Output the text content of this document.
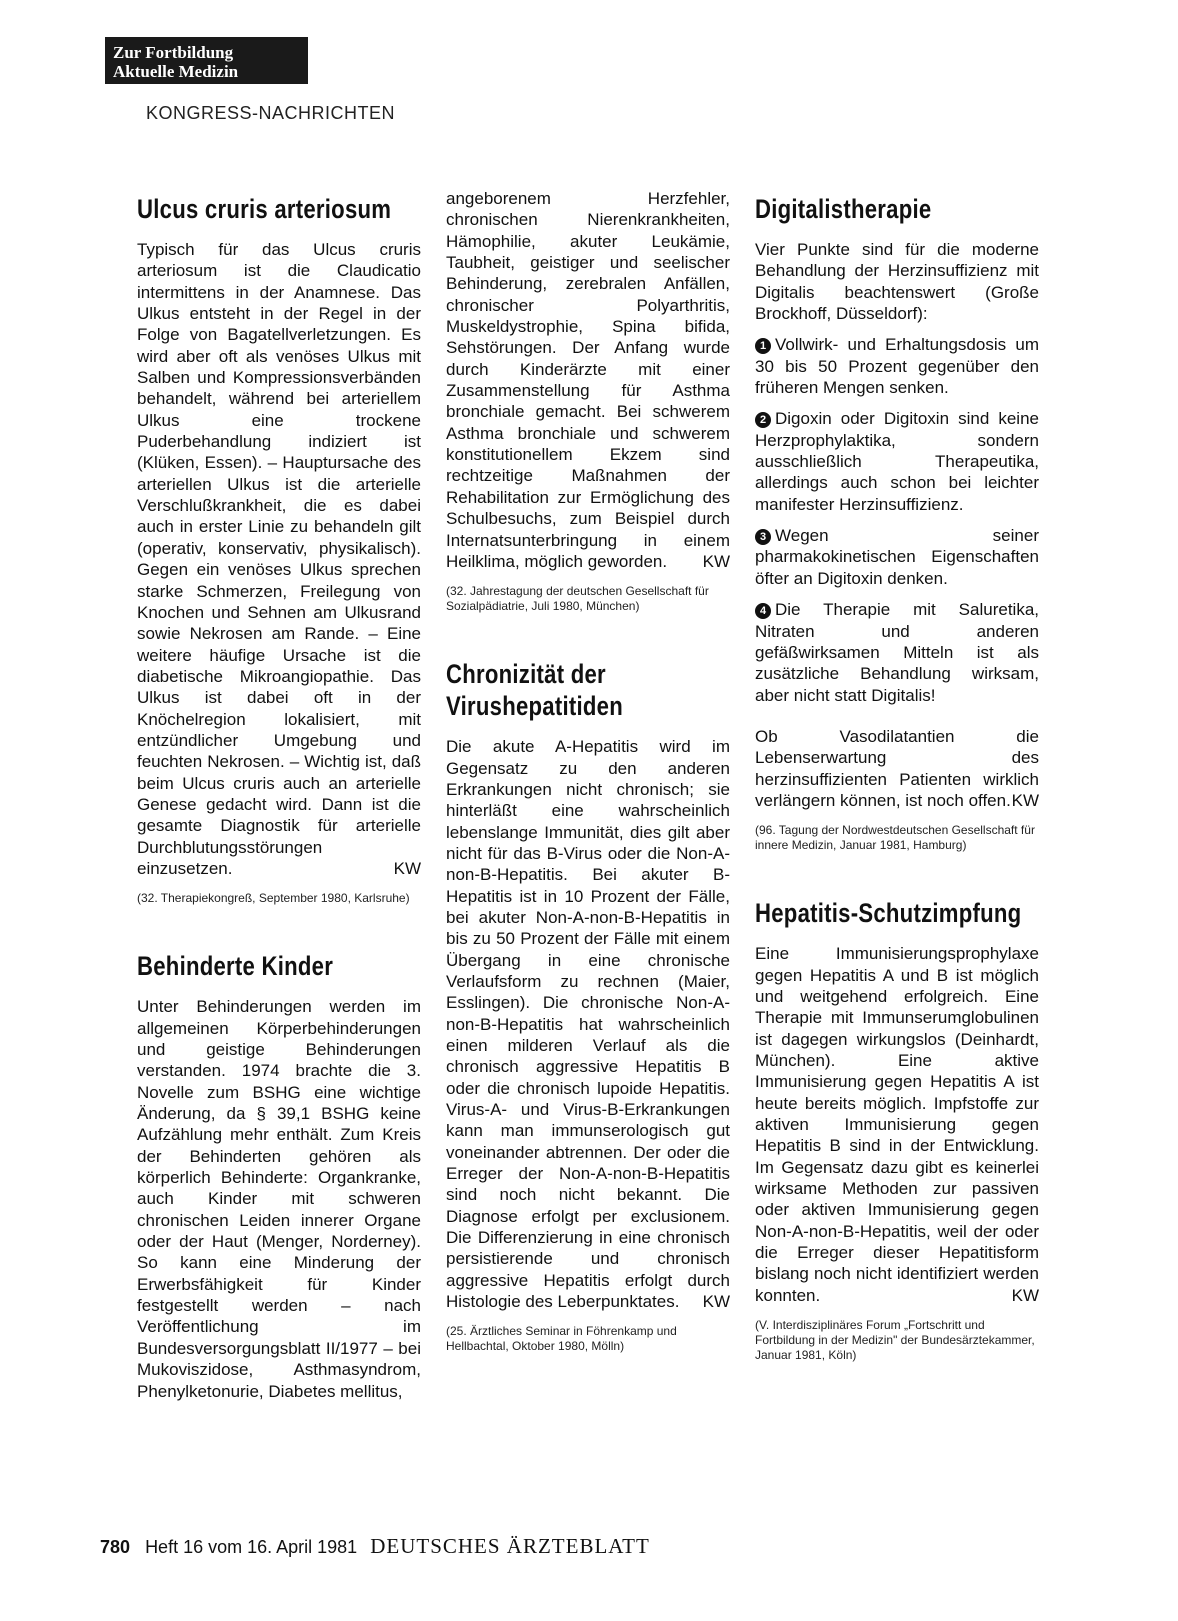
Zur Fortbildung
Aktuelle Medizin
KONGRESS-NACHRICHTEN
Ulcus cruris arteriosum

Typisch für das Ulcus cruris arteriosum ist die Claudicatio intermittens in der Anamnese. Das Ulkus entsteht in der Regel in der Folge von Bagatellverletzungen. Es wird aber oft als venöses Ulkus mit Salben und Kompressionsverbänden behandelt, während bei arteriellem Ulkus eine trockene Puderbehandlung indiziert ist (Klüken, Essen). – Hauptursache des arteriellen Ulkus ist die arterielle Verschlußkrankheit, die es dabei auch in erster Linie zu behandeln gilt (operativ, konservativ, physikalisch). Gegen ein venöses Ulkus sprechen starke Schmerzen, Freilegung von Knochen und Sehnen am Ulkusrand sowie Nekrosen am Rande. – Eine weitere häufige Ursache ist die diabetische Mikroangiopathie. Das Ulkus ist dabei oft in der Knöchelregion lokalisiert, mit entzündlicher Umgebung und feuchten Nekrosen. – Wichtig ist, daß beim Ulcus cruris auch an arterielle Genese gedacht wird. Dann ist die gesamte Diagnostik für arterielle Durchblutungsstörungen einzusetzen.	KW

(32. Therapiekongreß, September 1980, Karlsruhe)
Behinderte Kinder

Unter Behinderungen werden im allgemeinen Körperbehinderungen und geistige Behinderungen verstanden. 1974 brachte die 3. Novelle zum BSHG eine wichtige Änderung, da § 39,1 BSHG keine Aufzählung mehr enthält. Zum Kreis der Behinderten gehören als körperlich Behinderte: Organkranke, auch Kinder mit schweren chronischen Leiden innerer Organe oder der Haut (Menger, Norderney). So kann eine Minderung der Erwerbsfähigkeit für Kinder festgestellt werden – nach Veröffentlichung im Bundesversorgungsblatt II/1977 – bei Mukoviszidose, Asthmasyndrom, Phenylketonurie, Diabetes mellitus,

angeborenem Herzfehler, chronischen Nierenkrankheiten, Hämophilie, akuter Leukämie, Taubheit, geistiger und seelischer Behinderung, zerebralen Anfällen, chronischer Polyarthritis, Muskeldystrophie, Spina bifida, Sehstörungen. Der Anfang wurde durch Kinderärzte mit einer Zusammenstellung für Asthma bronchiale gemacht. Bei schwerem Asthma bronchiale und schwerem konstitutionellem Ekzem sind rechtzeitige Maßnahmen der Rehabilitation zur Ermöglichung des Schulbesuchs, zum Beispiel durch Internatsunterbringung in einem Heilklima, möglich geworden. KW

(32. Jahrestagung der deutschen Gesellschaft für Sozialpädiatrie, Juli 1980, München)
Chronizität der
Virushepatitiden

Die akute A-Hepatitis wird im Gegensatz zu den anderen Erkrankungen nicht chronisch; sie hinterläßt eine wahrscheinlich lebenslange Immunität, dies gilt aber nicht für das B-Virus oder die Non-A-non-B-Hepatitis. Bei akuter B-Hepatitis ist in 10 Prozent der Fälle, bei akuter Non-A-non-B-Hepatitis in bis zu 50 Prozent der Fälle mit einem Übergang in eine chronische Verlaufsform zu rechnen (Maier, Esslingen). Die chronische Non-A-non-B-Hepatitis hat wahrscheinlich einen milderen Verlauf als die chronisch aggressive Hepatitis B oder die chronisch lupoide Hepatitis. Virus-A- und Virus-B-Erkrankungen kann man immunserologisch gut voneinander abtrennen. Der oder die Erreger der Non-A-non-B-Hepatitis sind noch nicht bekannt. Die Diagnose erfolgt per exclusionem. Die Differenzierung in eine chronisch persistierende und chronisch aggressive Hepatitis erfolgt durch Histologie des Leberpunktates. KW

(25. Ärztliches Seminar in Föhrenkamp und Hellbachtal, Oktober 1980, Mölln)
Digitalistherapie

Vier Punkte sind für die moderne Behandlung der Herzinsuffizienz mit Digitalis beachtenswert (Große Brockhoff, Düsseldorf):

1 Vollwirk- und Erhaltungsdosis um 30 bis 50 Prozent gegenüber den früheren Mengen senken.

2 Digoxin oder Digitoxin sind keine Herzprophylaktika, sondern ausschließlich Therapeutika, allerdings auch schon bei leichter manifester Herzinsuffizienz.

3 Wegen seiner pharmakokinetischen Eigenschaften öfter an Digitoxin denken.

4 Die Therapie mit Saluretika, Nitraten und anderen gefäßwirksamen Mitteln ist als zusätzliche Behandlung wirksam, aber nicht statt Digitalis!

Ob Vasodilatantien die Lebenserwartung des herzinsuffizienten Patienten wirklich verlängern können, ist noch offen. KW

(96. Tagung der Nordwestdeutschen Gesellschaft für innere Medizin, Januar 1981, Hamburg)
Hepatitis-Schutzimpfung

Eine Immunisierungsprophylaxe gegen Hepatitis A und B ist möglich und weitgehend erfolgreich. Eine Therapie mit Immunserumglobulinen ist dagegen wirkungslos (Deinhardt, München). Eine aktive Immunisierung gegen Hepatitis A ist heute bereits möglich. Impfstoffe zur aktiven Immunisierung gegen Hepatitis B sind in der Entwicklung. Im Gegensatz dazu gibt es keinerlei wirksame Methoden zur passiven oder aktiven Immunisierung gegen Non-A-non-B-Hepatitis, weil der oder die Erreger dieser Hepatitisform bislang noch nicht identifiziert werden konnten.	KW

(V. Interdisziplinäres Forum „Fortschritt und Fortbildung in der Medizin" der Bundesärztekammer, Januar 1981, Köln)
780 Heft 16 vom 16. April 1981 DEUTSCHES ÄRZTEBLATT
